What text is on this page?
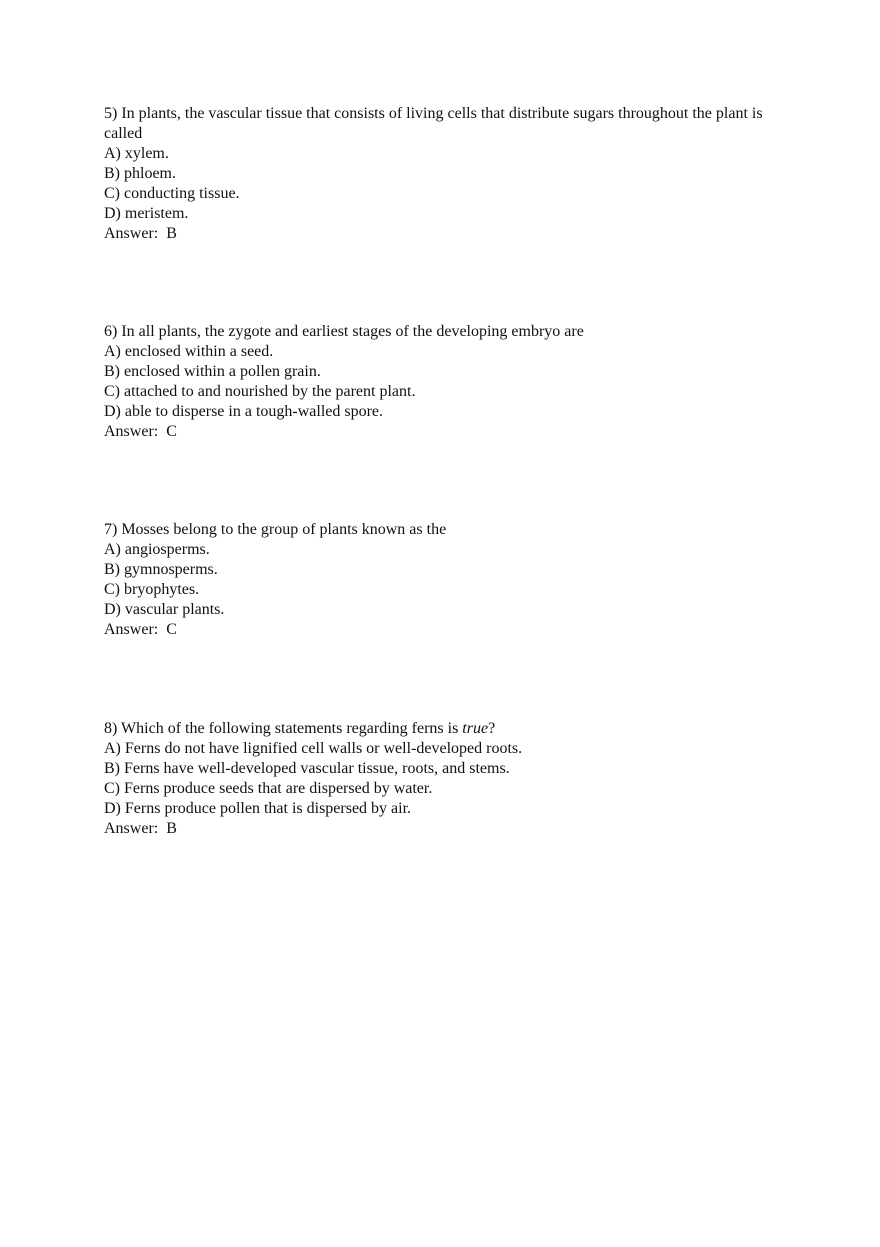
5) In plants, the vascular tissue that consists of living cells that distribute sugars throughout the plant is called
A) xylem.
B) phloem.
C) conducting tissue.
D) meristem.
Answer: B
6) In all plants, the zygote and earliest stages of the developing embryo are
A) enclosed within a seed.
B) enclosed within a pollen grain.
C) attached to and nourished by the parent plant.
D) able to disperse in a tough-walled spore.
Answer: C
7) Mosses belong to the group of plants known as the
A) angiosperms.
B) gymnosperms.
C) bryophytes.
D) vascular plants.
Answer: C
8) Which of the following statements regarding ferns is true?
A) Ferns do not have lignified cell walls or well-developed roots.
B) Ferns have well-developed vascular tissue, roots, and stems.
C) Ferns produce seeds that are dispersed by water.
D) Ferns produce pollen that is dispersed by air.
Answer: B
